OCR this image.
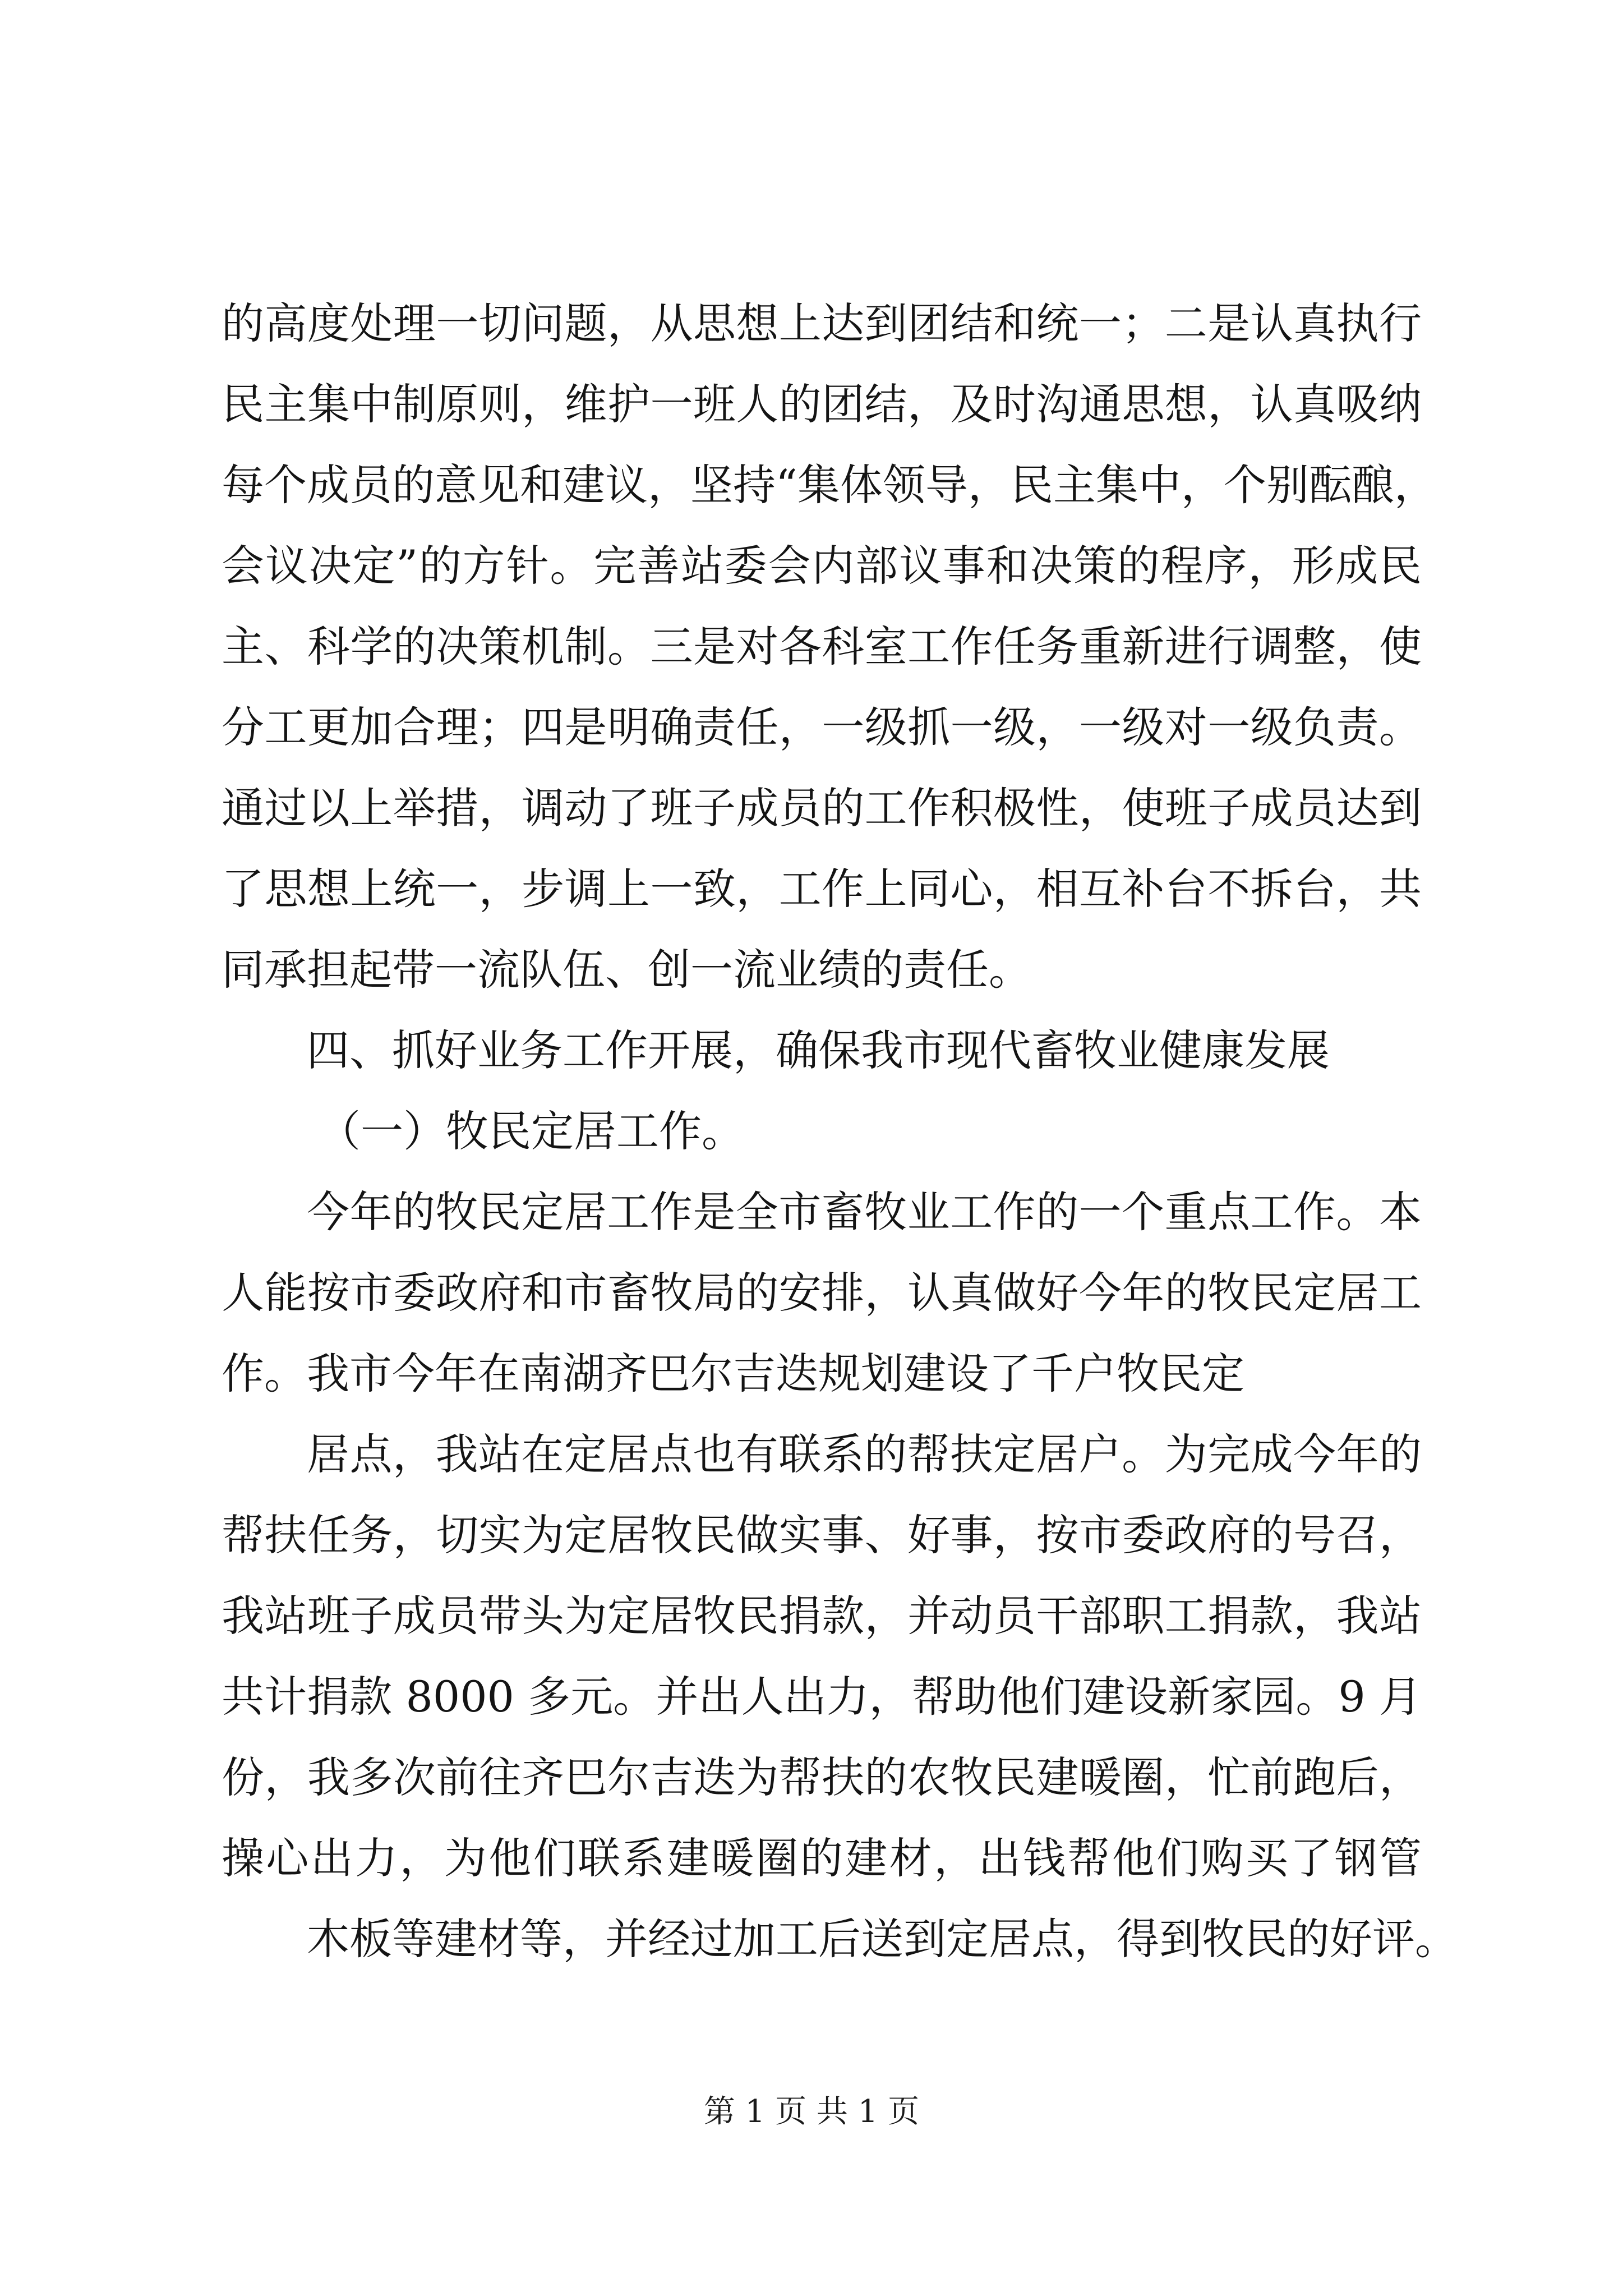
的高度处理一切问题，从思想上达到团结和统一；二是认真执行
民主集中制原则，维护一班人的团结，及时沟通思想，认真吸纳
每个成员的意见和建议，坚持“集体领导，民主集中，个别酝酿，
会议决定”的方针。完善站委会内部议事和决策的程序，形成民
主、科学的决策机制。三是对各科室工作任务重新进行调整，使
分工更加合理；四是明确责任，一级抓一级，一级对一级负责。
通过以上举措，调动了班子成员的工作积极性，使班子成员达到
了思想上统一，步调上一致，工作上同心，相互补台不拆台，共
同承担起带一流队伍、创一流业绩的责任。
四、抓好业务工作开展，确保我市现代畜牧业健康发展
（一）牧民定居工作。
今年的牧民定居工作是全市畜牧业工作的一个重点工作。本
人能按市委政府和市畜牧局的安排，认真做好今年的牧民定居工
作。我市今年在南湖齐巴尔吉迭规划建设了千户牧民定
居点，我站在定居点也有联系的帮扶定居户。为完成今年的
帮扶任务，切实为定居牧民做实事、好事，按市委政府的号召，
我站班子成员带头为定居牧民捐款，并动员干部职工捐款，我站
共计捐款 8000 多元。并出人出力，帮助他们建设新家园。9 月
份，我多次前往齐巴尔吉迭为帮扶的农牧民建暖圈，忙前跑后，
操心出力，为他们联系建暖圈的建材，出钱帮他们购买了钢管
木板等建材等，并经过加工后送到定居点，得到牧民的好评。
第 1 页 共 1 页
